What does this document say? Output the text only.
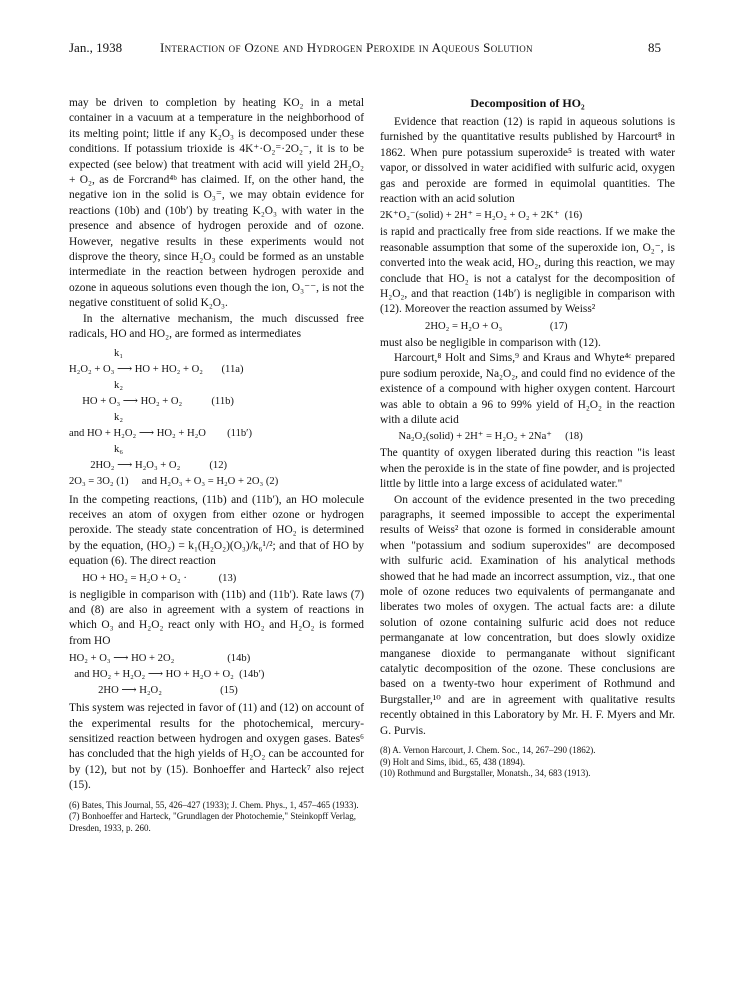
Jan., 1938	Interaction of Ozone and Hydrogen Peroxide in Aqueous Solution	85

may be driven to completion by heating KO₂ in a metal container in a vacuum at a temperature in the neighborhood of its melting point; little if any K₂O₃ is decomposed under these conditions. If potassium trioxide is 4K⁺·O₂⁼·2O₂⁻, it is to be expected (see below) that treatment with acid will yield 2H₂O₂ + O₂, as de Forcrand⁴ᵇ has claimed. If, on the other hand, the negative ion in the solid is O₃⁼, we may obtain evidence for reactions (10b) and (10b′) by treating K₂O₃ with water in the presence and absence of hydrogen peroxide and of ozone. However, negative results in these experiments would not disprove the theory, since H₂O₃ could be formed as an unstable intermediate in the reaction between hydrogen peroxide and ozone in aqueous solutions even though the ion, O₃⁻⁻, is not the negative constituent of solid K₂O₃.

In the alternative mechanism, the much discussed free radicals, HO and HO₂, are formed as intermediates

k₁
H₂O₂ + O₃ ⟶ HO + HO₂ + O₂       (11a)
k₂
HO + O₃ ⟶ HO₂ + O₂           (11b)
k₂
and HO + H₂O₂ ⟶ HO₂ + H₂O        (11b′)
k₆
2HO₂ ⟶ H₂O₃ + O₂           (12)
2O₃ = 3O₂ (1)     and H₂O₃ + O₃ = H₂O + 2O₃ (2)

In the competing reactions, (11b) and (11b′), an HO molecule receives an atom of oxygen from either ozone or hydrogen peroxide. The steady state concentration of HO₂ is determined by the equation, (HO₂) = k₁(H₂O₂)(O₃)/k₆¹/²; and that of HO by equation (6). The direct reaction

HO + HO₂ = H₂O + O₂ ·            (13)

is negligible in comparison with (11b) and (11b′). Rate laws (7) and (8) are also in agreement with a system of reactions in which O₃ and H₂O₂ react only with HO₂ and H₂O₂ is formed from HO

HO₂ + O₃ ⟶ HO + 2O₂                    (14b)
and HO₂ + H₂O₂ ⟶ HO + H₂O + O₂  (14b′)
2HO ⟶ H₂O₂                      (15)

This system was rejected in favor of (11) and (12) on account of the experimental results for the photochemical, mercury-sensitized reaction between hydrogen and oxygen gases. Bates⁶ has concluded that the high yields of H₂O₂ can be accounted for by (12), but not by (15). Bonhoeffer and Harteck⁷ also reject (15).

(6) Bates, This Journal, 55, 426–427 (1933); J. Chem. Phys., 1, 457–465 (1933).

(7) Bonhoeffer and Harteck, "Grundlagen der Photochemie," Steinkopff Verlag, Dresden, 1933, p. 260.

Decomposition of HO₂

Evidence that reaction (12) is rapid in aqueous solutions is furnished by the quantitative results published by Harcourt⁸ in 1862. When pure potassium superoxide⁵ is treated with water vapor, or dissolved in water acidified with sulfuric acid, oxygen gas and peroxide are formed in equimolal quantities. The reaction with an acid solution

2K⁺O₂⁻(solid) + 2H⁺ = H₂O₂ + O₂ + 2K⁺  (16)

is rapid and practically free from side reactions. If we make the reasonable assumption that some of the superoxide ion, O₂⁻, is converted into the weak acid, HO₂, during this reaction, we may conclude that HO₂ is not a catalyst for the decomposition of H₂O₂, and that reaction (14b′) is negligible in comparison with (12). Moreover the reaction assumed by Weiss²

2HO₂ = H₂O + O₃                  (17)

must also be negligible in comparison with (12).

Harcourt,⁸ Holt and Sims,⁹ and Kraus and Whyte⁴ᶜ prepared pure sodium peroxide, Na₂O₂, and could find no evidence of the existence of a compound with higher oxygen content. Harcourt was able to obtain a 96 to 99% yield of H₂O₂ in the reaction with a dilute acid

Na₂O₂(solid) + 2H⁺ = H₂O₂ + 2Na⁺     (18)

The quantity of oxygen liberated during this reaction "is least when the peroxide is in the state of fine powder, and is projected little by little into a large excess of acidulated water."

On account of the evidence presented in the two preceding paragraphs, it seemed impossible to accept the experimental results of Weiss² that ozone is formed in considerable amount when "potassium and sodium superoxides" are decomposed with sulfuric acid. Examination of his analytical methods showed that he had made an incorrect assumption, viz., that one mole of ozone reduces two equivalents of permanganate and liberates two moles of oxygen. The actual facts are: a dilute solution of ozone containing sulfuric acid does not reduce permanganate at low concentration, but does slowly oxidize manganese dioxide to permanganate without significant catalytic decomposition of the ozone. These conclusions are based on a twenty-two hour experiment of Rothmund and Burgstaller,¹⁰ and are in agreement with qualitative results recently obtained in this Laboratory by Mr. H. F. Myers and Mr. G. Purvis.

(8) A. Vernon Harcourt, J. Chem. Soc., 14, 267–290 (1862).

(9) Holt and Sims, ibid., 65, 438 (1894).

(10) Rothmund and Burgstaller, Monatsh., 34, 683 (1913).
